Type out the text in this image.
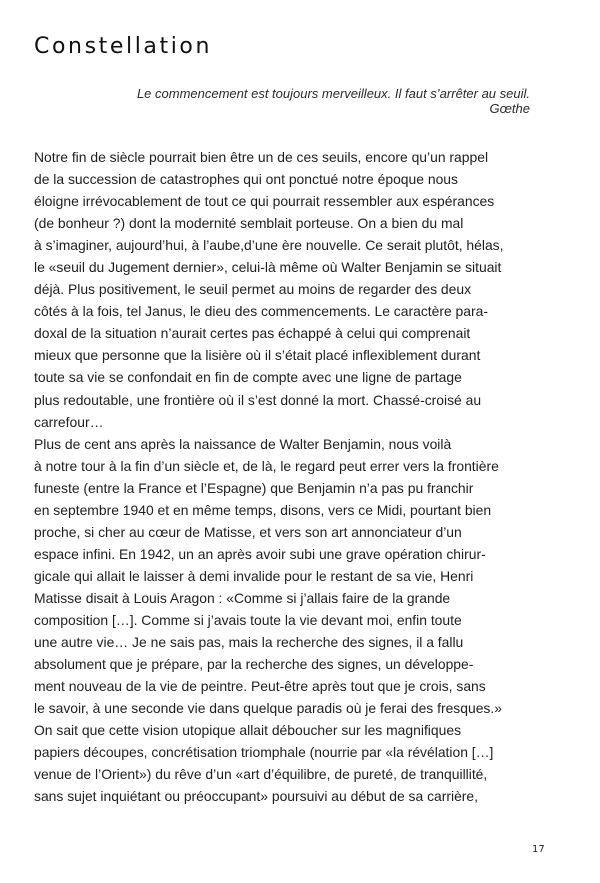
Constellation
Le commencement est toujours merveilleux. Il faut s’arrêter au seuil.
Gœthe
Notre fin de siècle pourrait bien être un de ces seuils, encore qu’un rappel
de la succession de catastrophes qui ont ponctué notre époque nous
éloigne irrévocablement de tout ce qui pourrait ressembler aux espérances
(de bonheur ?) dont la modernité semblait porteuse. On a bien du mal
à s’imaginer, aujourd’hui, à l’aube,d’une ère nouvelle. Ce serait plutôt, hélas,
le «seuil du Jugement dernier», celui-là même où Walter Benjamin se situait
déjà. Plus positivement, le seuil permet au moins de regarder des deux
côtés à la fois, tel Janus, le dieu des commencements. Le caractère para-
doxal de la situation n’aurait certes pas échappé à celui qui comprenait
mieux que personne que la lisière où il s’était placé inflexiblement durant
toute sa vie se confondait en fin de compte avec une ligne de partage
plus redoutable, une frontière où il s’est donné la mort. Chassé-croisé au
carrefour…
Plus de cent ans après la naissance de Walter Benjamin, nous voilà
à notre tour à la fin d’un siècle et, de là, le regard peut errer vers la frontière
funeste (entre la France et l’Espagne) que Benjamin n’a pas pu franchir
en septembre 1940 et en même temps, disons, vers ce Midi, pourtant bien
proche, si cher au cœur de Matisse, et vers son art annonciateur d’un
espace infini. En 1942, un an après avoir subi une grave opération chirur-
gicale qui allait le laisser à demi invalide pour le restant de sa vie, Henri
Matisse disait à Louis Aragon : «Comme si j’allais faire de la grande
composition […]. Comme si j’avais toute la vie devant moi, enfin toute
une autre vie… Je ne sais pas, mais la recherche des signes, il a fallu
absolument que je prépare, par la recherche des signes, un développe-
ment nouveau de la vie de peintre. Peut-être après tout que je crois, sans
le savoir, à une seconde vie dans quelque paradis où je ferai des fresques.»
On sait que cette vision utopique allait déboucher sur les magnifiques
papiers découpes, concrétisation triomphale (nourrie par «la révélation […]
venue de l’Orient») du rêve d’un «art d’équilibre, de pureté, de tranquillité,
sans sujet inquiétant ou préoccupant» poursuivi au début de sa carrière,
17
